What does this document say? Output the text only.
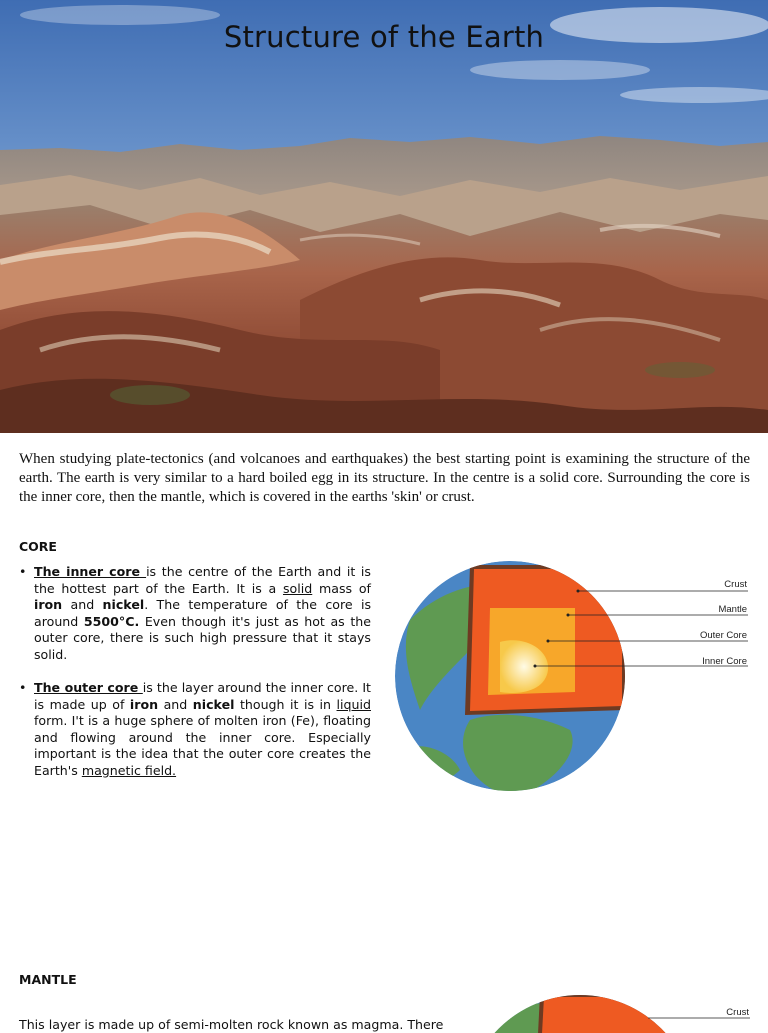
Structure of the Earth

When studying plate-tectonics (and volcanoes and earthquakes) the best starting point is examining the structure of the earth. The earth is very similar to a hard boiled egg in its structure. In the centre is a solid core. Surrounding the core is the inner core, then the mantle, which is covered in the earths 'skin' or crust.

CORE
• The inner core is the centre of the Earth and it is the hottest part of the Earth. It is a solid mass of iron and nickel. The temperature of the core is around 5500°C. Even though it's just as hot as the outer core, there is such high pressure that it stays solid.
• The outer core is the layer around the inner core. It is made up of iron and nickel though it is in liquid form. I't is a huge sphere of molten iron (Fe), floating and flowing around the inner core. Especially important is the idea that the outer core creates the Earth's magnetic field.
Crust
Mantle
Outer Core
Inner Core
MANTLE
This layer is made up of semi-molten rock known as magma. There
Crust
